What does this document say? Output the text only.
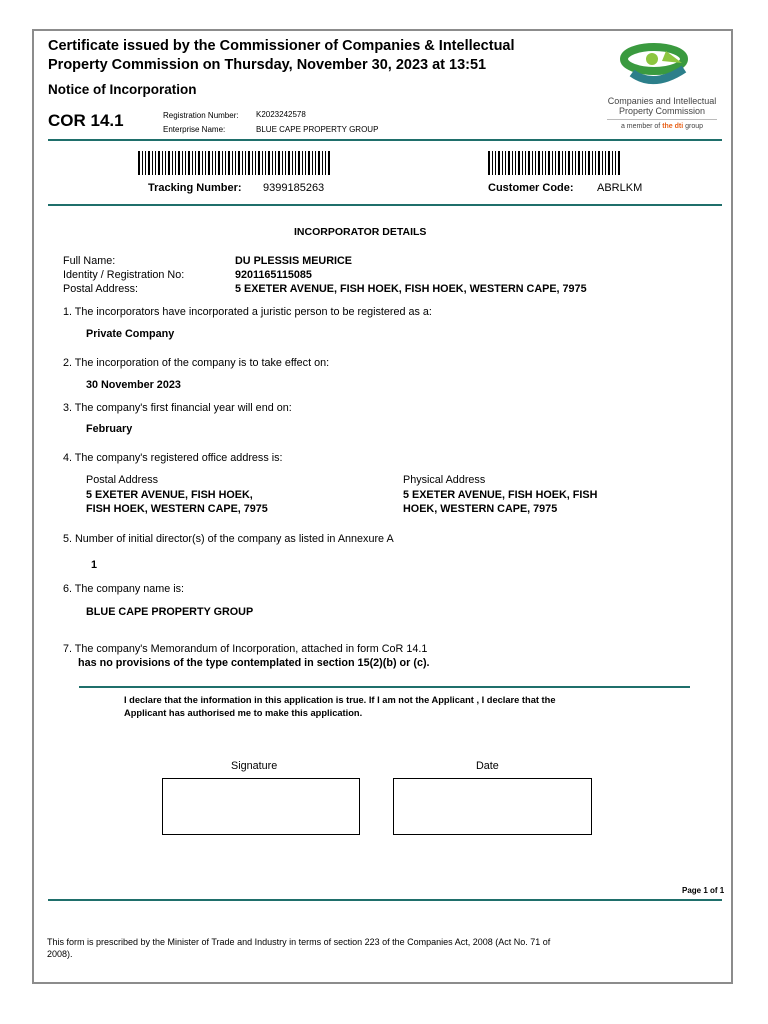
Certificate issued by the Commissioner of Companies & Intellectual
Property Commission on Thursday, November 30, 2023 at 13:51
Notice of Incorporation
COR 14.1	Registration Number: K2023242578
Enterprise Name:	BLUE CAPE PROPERTY GROUP
Companies and Intellectual
Property Commission
a member of the dti group
Tracking Number: 9399185263	Customer Code: ABRLKM
INCORPORATOR DETAILS
Full Name:	DU PLESSIS MEURICE
Identity / Registration No:	9201165115085
Postal Address:	5 EXETER AVENUE, FISH HOEK, FISH HOEK, WESTERN CAPE, 7975
1. The incorporators have incorporated a juristic person to be registered as a:
Private Company
2. The incorporation of the company is to take effect on:
30 November 2023
3. The company's first financial year will end on:
February
4. The company's registered office address is:
Postal Address
5 EXETER AVENUE, FISH HOEK,
FISH HOEK, WESTERN CAPE, 7975
Physical Address
5 EXETER AVENUE, FISH HOEK, FISH
HOEK, WESTERN CAPE, 7975
5. Number of initial director(s) of the company as listed in Annexure A
1
6. The company name is:
BLUE CAPE PROPERTY GROUP
7. The company's Memorandum of Incorporation, attached in form CoR 14.1
has no provisions of the type contemplated in section 15(2)(b) or (c).
I declare that the information in this application is true. If I am not the Applicant , I declare that the Applicant has authorised me to make this application.
Signature	Date
Page 1 of 1
This form is prescribed by the Minister of Trade and Industry in terms of section 223 of the Companies Act, 2008 (Act No. 71 of 2008).
